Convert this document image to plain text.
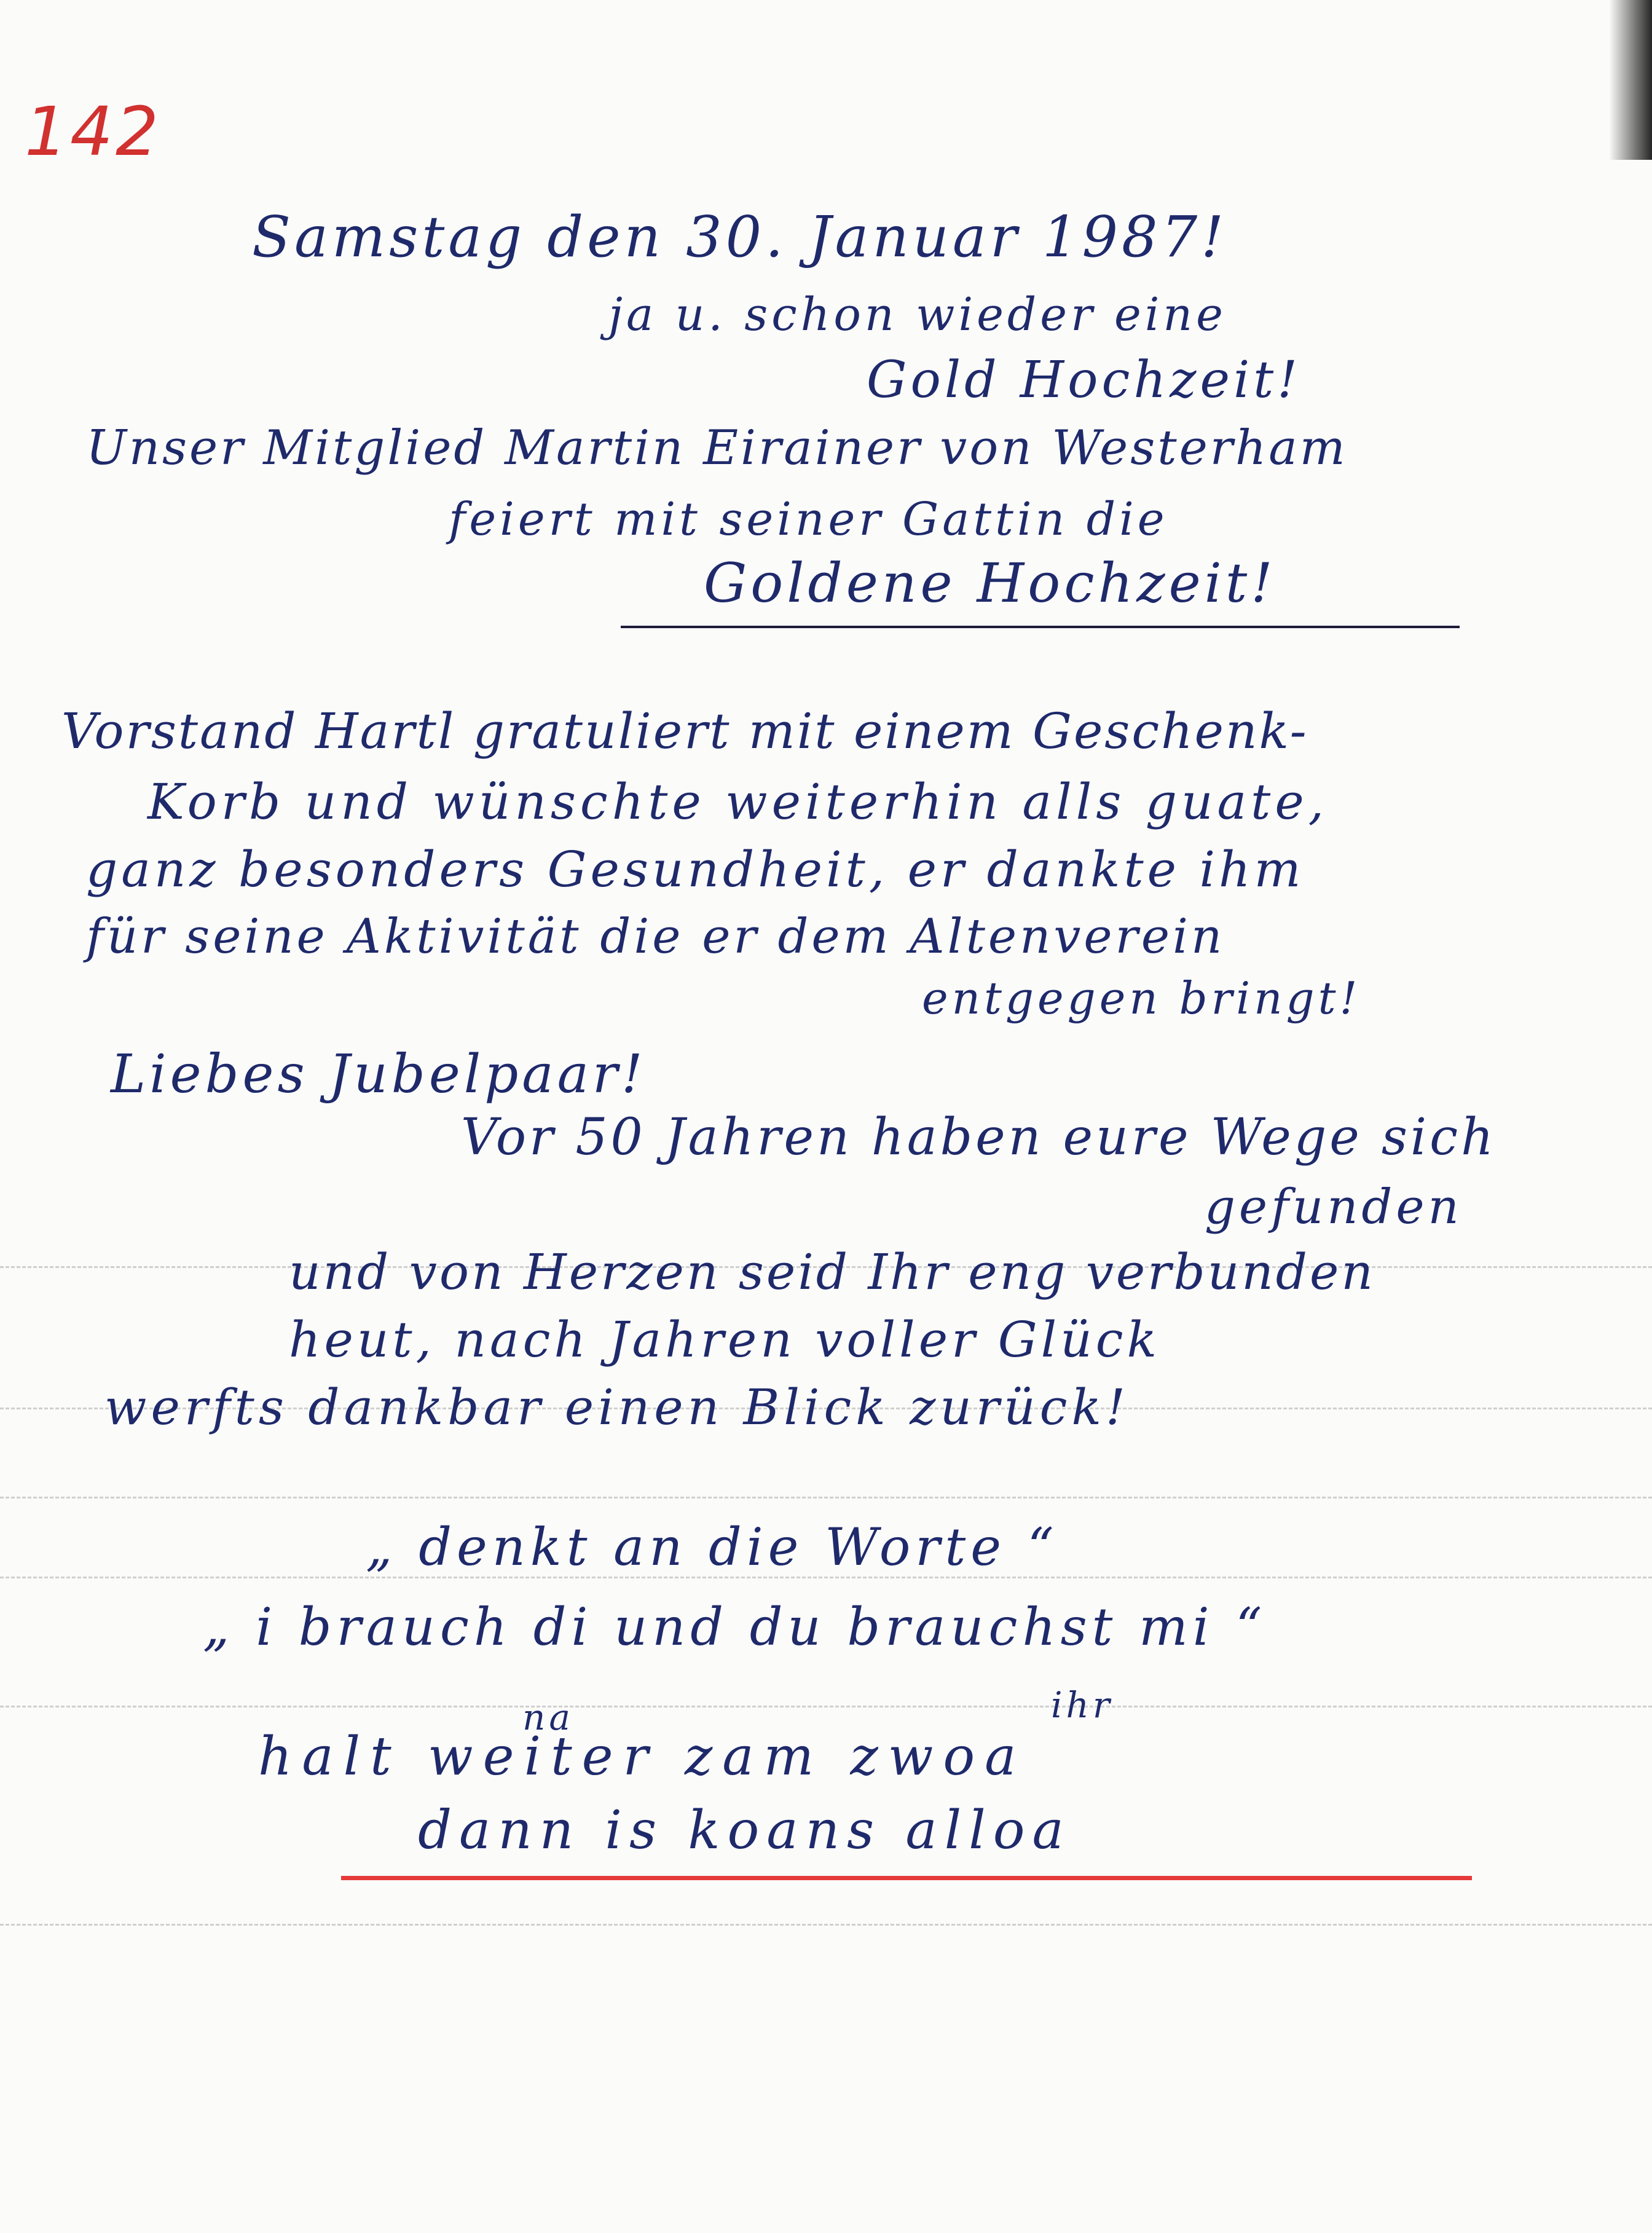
142
Samstag den 30. Januar 1987!
ja u. schon wieder eine
Gold Hochzeit!
Unser Mitglied Martin Eirainer von Westerham
feiert mit seiner Gattin die
Goldene Hochzeit!
Vorstand Hartl gratuliert mit einem Geschenk-
Korb und wünschte weiterhin alls guate,
ganz besonders Gesundheit, er dankte ihm
für seine Aktivität die er dem Altenverein
entgegen bringt!
Liebes Jubelpaar!
Vor 50 Jahren haben eure Wege sich
gefunden
und von Herzen seid Ihr eng verbunden
heut, nach Jahren voller Glück
werfts dankbar einen Blick zurück!
„ denkt an die Worte “
„ i brauch di und du brauchst mi “
na	ihr
halt weiter zam zwoa
dann is koans alloa
